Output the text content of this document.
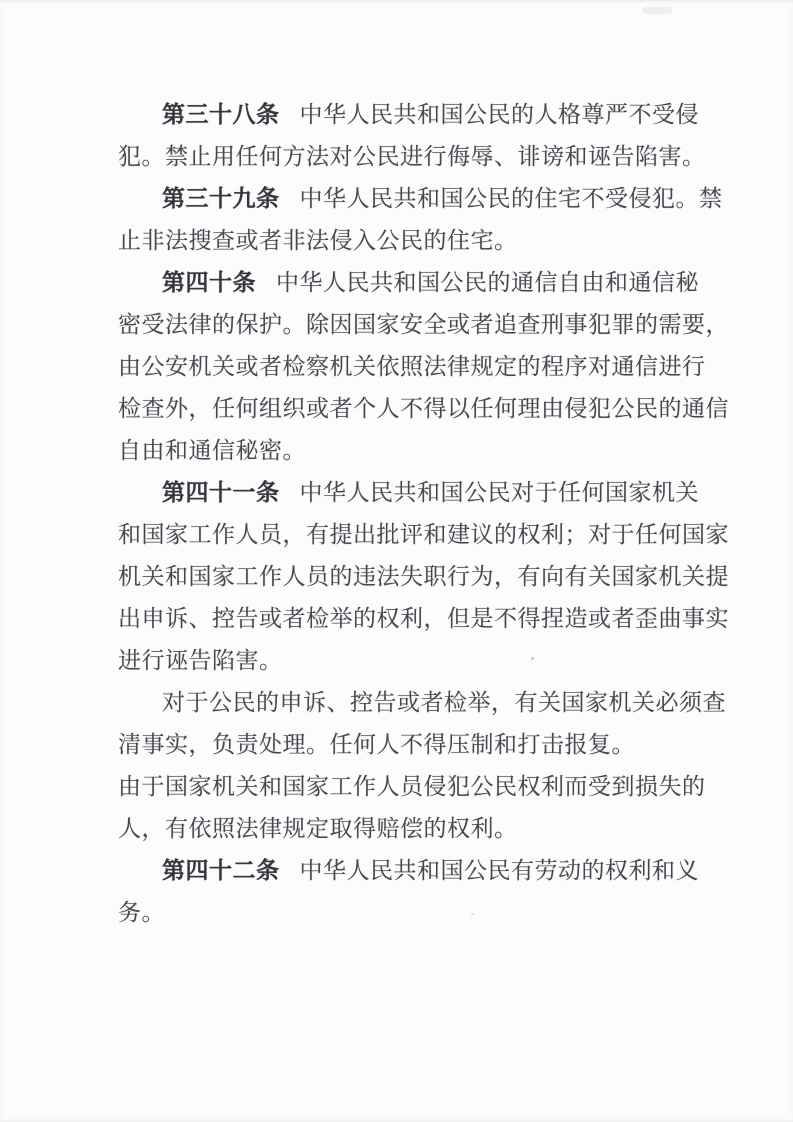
第三十八条 中华人民共和国公民的人格尊严不受侵
犯。禁止用任何方法对公民进行侮辱、诽谤和诬告陷害。
第三十九条 中华人民共和国公民的住宅不受侵犯。禁
止非法搜查或者非法侵入公民的住宅。
第四十条 中华人民共和国公民的通信自由和通信秘
密受法律的保护。除因国家安全或者追查刑事犯罪的需要，
由公安机关或者检察机关依照法律规定的程序对通信进行
检查外，任何组织或者个人不得以任何理由侵犯公民的通信
自由和通信秘密。
第四十一条 中华人民共和国公民对于任何国家机关
和国家工作人员，有提出批评和建议的权利；对于任何国家
机关和国家工作人员的违法失职行为，有向有关国家机关提
出申诉、控告或者检举的权利，但是不得捏造或者歪曲事实
进行诬告陷害。
对于公民的申诉、控告或者检举，有关国家机关必须查
清事实，负责处理。任何人不得压制和打击报复。
由于国家机关和国家工作人员侵犯公民权利而受到损失的
人，有依照法律规定取得赔偿的权利。
第四十二条 中华人民共和国公民有劳动的权利和义
务。
